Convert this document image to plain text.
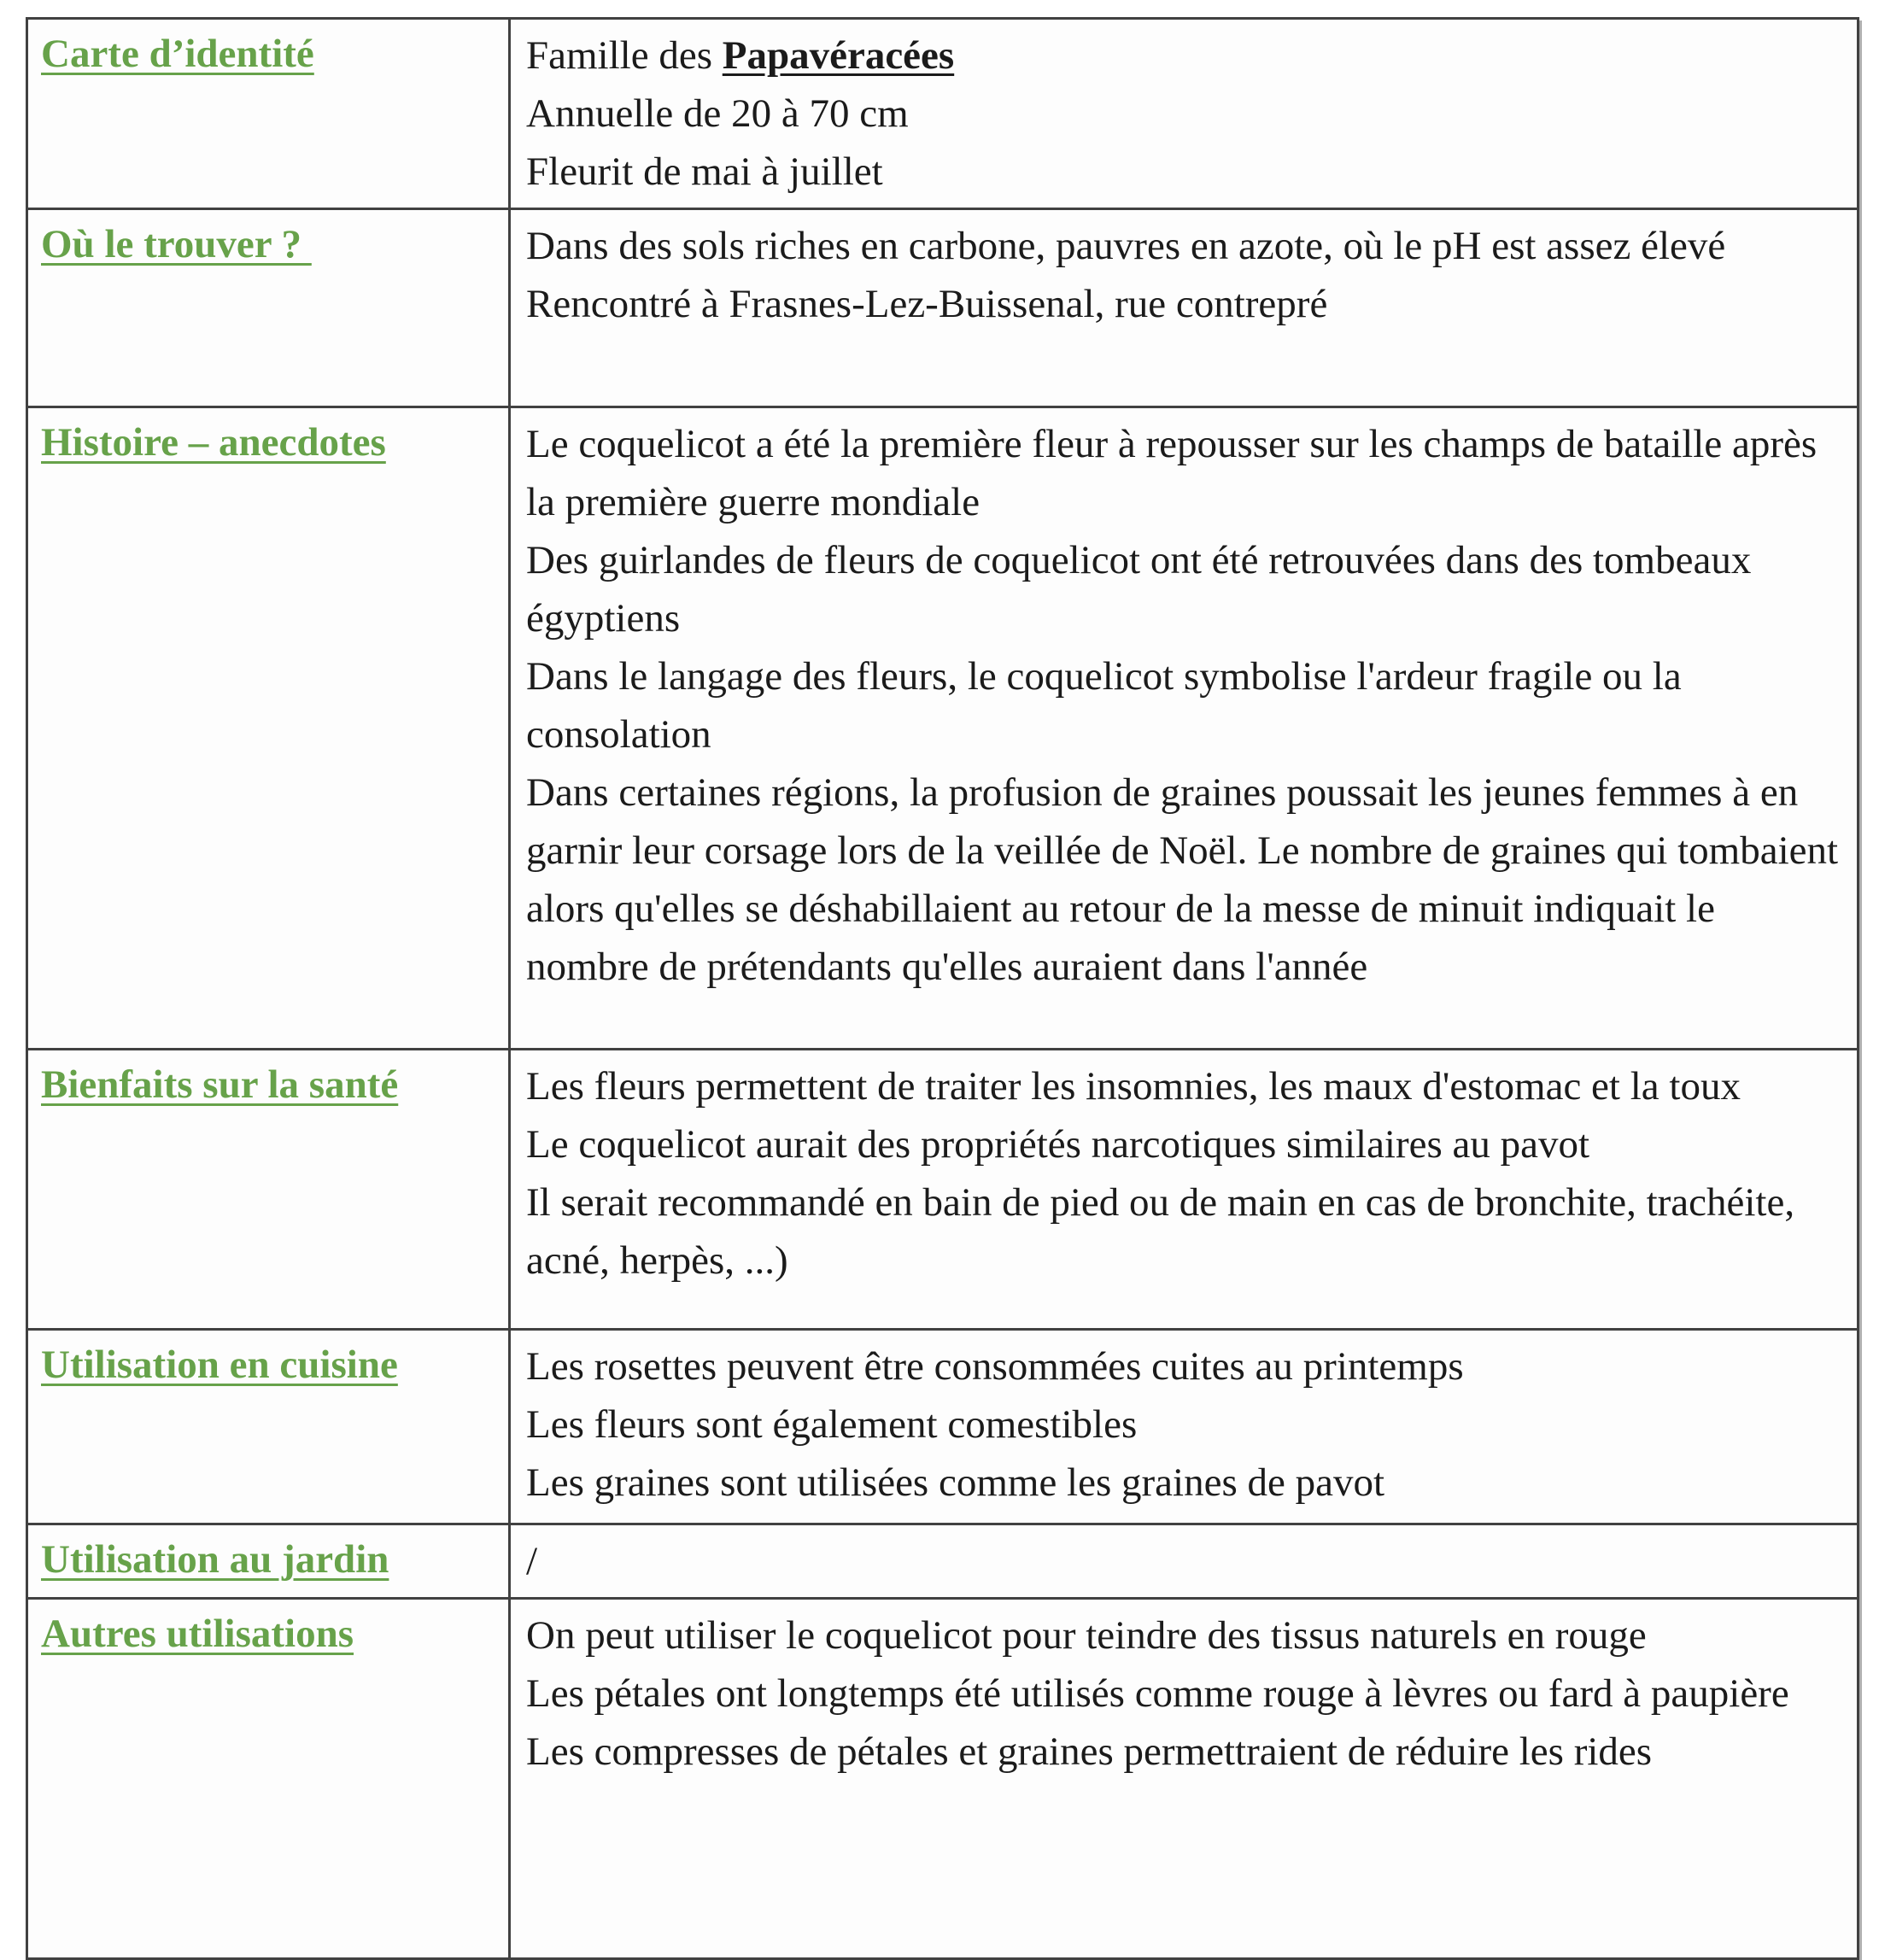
Carte d’identité	Famille des Papavéracées
Annuelle de 20 à 70 cm
Fleurit de mai à juillet

Où le trouver ?	Dans des sols riches en carbone, pauvres en azote, où le pH est assez élevé
Rencontré à Frasnes-Lez-Buissenal, rue contrepré

Histoire – anecdotes	Le coquelicot a été la première fleur à repousser sur les champs de bataille après la première guerre mondiale
Des guirlandes de fleurs de coquelicot ont été retrouvées dans des tombeaux égyptiens
Dans le langage des fleurs, le coquelicot symbolise l'ardeur fragile ou la consolation
Dans certaines régions, la profusion de graines poussait les jeunes femmes à en garnir leur corsage lors de la veillée de Noël. Le nombre de graines qui tombaient alors qu'elles se déshabillaient au retour de la messe de minuit indiquait le nombre de prétendants qu'elles auraient dans l'année

Bienfaits sur la santé	Les fleurs permettent de traiter les insomnies, les maux d'estomac et la toux
Le coquelicot aurait des propriétés narcotiques similaires au pavot
Il serait recommandé en bain de pied ou de main en cas de bronchite, trachéite, acné, herpès, ...)

Utilisation en cuisine	Les rosettes peuvent être consommées cuites au printemps
Les fleurs sont également comestibles
Les graines sont utilisées comme les graines de pavot

Utilisation au jardin	/

Autres utilisations	On peut utiliser le coquelicot pour teindre des tissus naturels en rouge
Les pétales ont longtemps été utilisés comme rouge à lèvres ou fard à paupière
Les compresses de pétales et graines permettraient de réduire les rides
